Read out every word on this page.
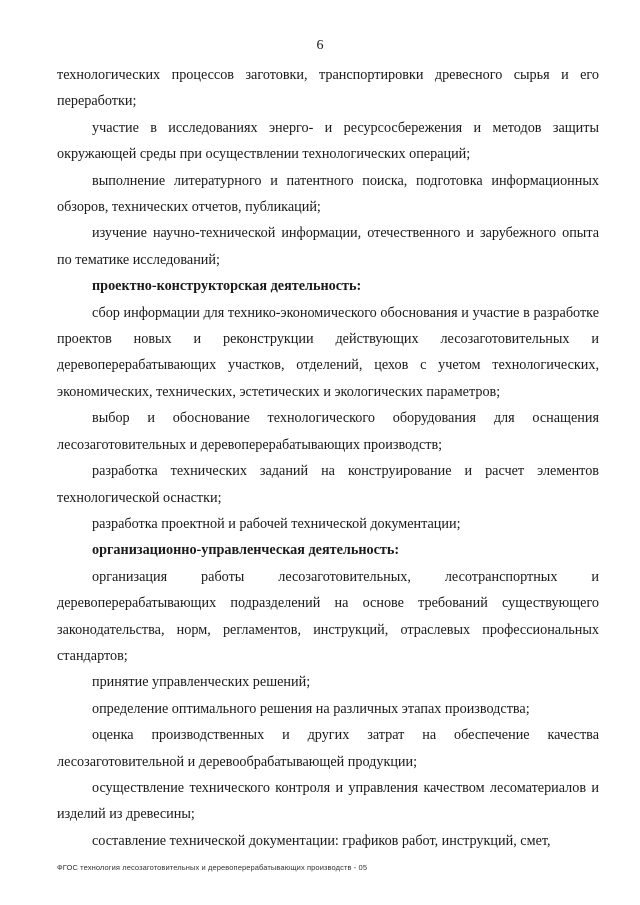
6

технологических процессов заготовки, транспортировки древесного сырья и его переработки;

участие в исследованиях энерго- и ресурсосбережения и методов защиты окружающей среды при осуществлении технологических операций;

выполнение литературного и патентного поиска, подготовка информационных обзоров, технических отчетов, публикаций;

изучение научно-технической информации, отечественного и зарубежного опыта по тематике исследований;

проектно-конструкторская деятельность:

сбор информации для технико-экономического обоснования и участие в разработке проектов новых и реконструкции действующих лесозаготовительных и деревоперерабатывающих участков, отделений, цехов с учетом технологических, экономических, технических, эстетических и экологических параметров;

выбор и обоснование технологического оборудования для оснащения лесозаготовительных и деревоперерабатывающих производств;

разработка технических заданий на конструирование и расчет элементов технологической оснастки;

разработка проектной и рабочей технической документации;

организационно-управленческая деятельность:

организация работы лесозаготовительных, лесотранспортных и деревоперерабатывающих подразделений на основе требований существующего законодательства, норм, регламентов, инструкций, отраслевых профессиональных стандартов;

принятие управленческих решений;

определение оптимального решения на различных этапах производства;

оценка производственных и других затрат на обеспечение качества лесозаготовительной и деревообрабатывающей продукции;

осуществление технического контроля и управления качеством лесоматериалов и изделий из древесины;

составление технической документации: графиков работ, инструкций, смет,

ФГОС технология лесозаготовительных и деревоперерабатывающих производств - 05
